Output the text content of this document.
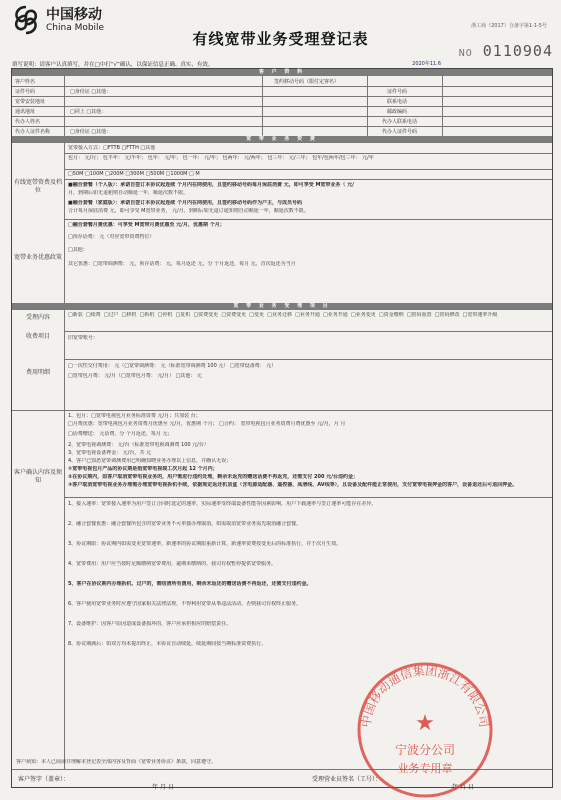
中国移动
China Mobile	浙工商（2017）合备字第1-1-5号
有线宽带业务受理登记表
NO 0110904
填写说明：请客户认真填写，并在□中打“√”确认，以保证信息正确、真实、有效。	2020年11.6
客 户 资 料
客户姓名	签约移动号码（限付定客名）
证件号码	□身份证 □其他：	证件号码
宽带安装地址	联系电话
通讯地址	□同上 □其他：	邮政编码
代办人姓名	代办人联系电话
代办人证件名称	□身份证 □其他：	代办人证件号码
宽 带 业 务 资 费
有线宽带资费及档位
宽带业务优惠政策
宽带接入方式：□FTTB □FTTH □其他
包月： 元/月； 包半年： 元/半年； 包年： 元/年； 包一年： 元/年； 包两年： 元/两年； 包三年： 元/三年； 包年/包两年/包三年： 元/年
□50M □100M □200M □300M □500M □1000M □ M
■融合套餐（个人版）：承诺自签订本协议起连续 个月内在网使用，且签约移动号码每月保底消费 元，即可享受 M宽带业务（ 元/
月，到期后如无退租则自动顺延一年，顺延次数不限。
■融合套餐（家庭版）：承诺自签订本协议起连续 个月内在网使用，且签约移动号码作为户主，与成员号码
合计每月保底消费 元，即可享受 M宽带业务， 元/月，到期后如无退订通知则自动顺延一年，顺延次数不限。
□融合套餐月费优惠：可享受 M宽带月费优惠至 元/月，优惠期 个月；
□预存话费： 元（对应宽带资费档位）
□其他：
其它优惠：□宽带调测费： 元，预存话费： 元，每月返还 元，分 个月返还，每月 元，首次返还为当月
宽 带 业 务 受 理 项 目
受理内容	□新装 □续费 □过户 □移机 □拆机 □停机 □复机 □资费变更 □资费变更 □变更 □业务迁移 □业务开通 □业务开通 □业务变更 □资金缴纳 □密码重置 □密码修改 □宽带速率升级
收费项目	旧宽带账号：
费用明细
□一次性交付费用： 元（□宽带调测费： 元（标准宽带调测费 100 元） □宽带设备费： 元）
□宽带包月费： 元/月（□宽带包月费： 元/月） □其他： 元
客户确认内容及须知
1、包月：□宽带电视包月业务标准资费 元/月；共加装 台；
□月费优惠：宽带电视包月业务资费月优惠至 元/月，优惠期 个月； □合约： 宽带电视包月业务资费月费优惠至 元/月，月 月
□话费赠送： 元话费，分 个月返还，每月 元；
2、宽带电视调测费： 元/台（标准宽带电视调测费 100 元/台）
3、宽带电视设备押金： 元/台，共 元
4、客户已知悉宽带调测费用已明确知晓业务办理以上信息，并确认无误；
①宽带电视包月产品的协议期是指宽带电视竣工次月起 12 个月内；
②在协议期内，如客户取消宽带电视业务的，用户需进行违约处理，剩余未返充的赠送话费不再返充，还需支付 200 元/台违约金；
③客户取消宽带电视业务办理需办理宽带电视拆机手续，依据规定返还机顶盒（含电源适配器、遥控器、高清线、AV线等），且设备及配件能正常使用，支付宽带电视押金的客户，设备退还后可退回押金。
1、接入速率：宽带接入速率为用户签订合同时选定的速率，实际速率受终端设备性能等因素影响，用户下载速率与签订速率可能存在差异。
2、融合套餐优惠：融合套餐所包含的宽带业务不可单独办理取消，如需取消宽带业务需先取消融合套餐。
3、协议期限：协议期内如需变更宽带速率，新速率的协议期限重新计算，新速率资费按变更后的标准执行，并于次月生效。
4、宽带费用：用户应当按时足额缴纳宽带费用，逾期未缴纳的，我司有权暂停提供宽带服务。
5、客户在协议期内办理拆机、过户的，需结清所有费用，剩余未返还的赠送话费不再返还，还需支付违约金。
6、客户使用宽带业务时应遵守国家相关法律法规，不得利用宽带从事违法活动，否则我司有权终止服务。
7、设备维护：因客户原因造成设备损坏的，客户应承担相应的赔偿责任。
8、协议期满后：如双方均未提出终止，本协议自动续延，续延期间按当期标准资费执行。
客户须知：本人已阅读并理解本登记表全部内容及背面《宽带业务协议》条款，同意遵守。
客户签字（盖章）：
年 月 日
受理营业员签名（工号）：
年 月 日
中国移动通信集团浙江有限公司
★
宁波分公司
业务专用章
